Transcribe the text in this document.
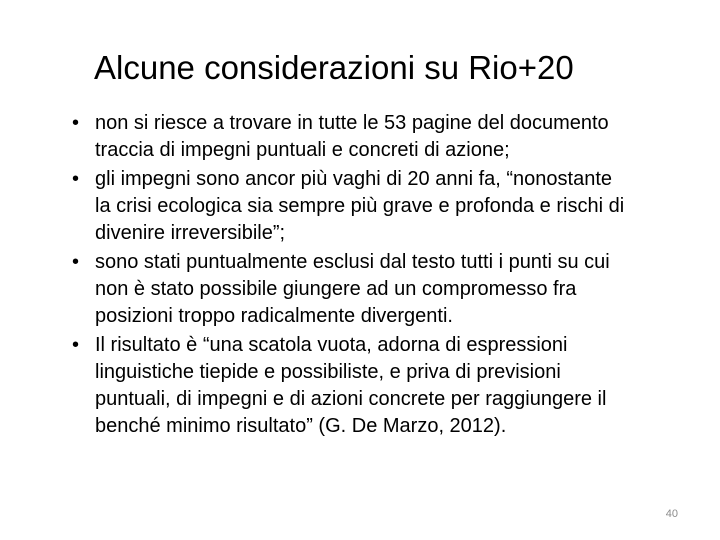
Alcune considerazioni su Rio+20
• non si riesce a trovare in tutte le 53 pagine del documento
traccia di impegni puntuali e concreti di azione;
• gli impegni sono ancor più vaghi di 20 anni fa, “nonostante
la crisi ecologica sia sempre più grave e profonda e rischi di
divenire irreversibile”;
• sono stati puntualmente esclusi dal testo tutti i punti su cui
non è stato possibile giungere ad un compromesso fra
posizioni troppo radicalmente divergenti.
• Il risultato è “una scatola vuota, adorna di espressioni
linguistiche tiepide e possibiliste, e priva di previsioni
puntuali, di impegni e di azioni concrete per raggiungere il
benché minimo risultato” (G. De Marzo, 2012).
40
